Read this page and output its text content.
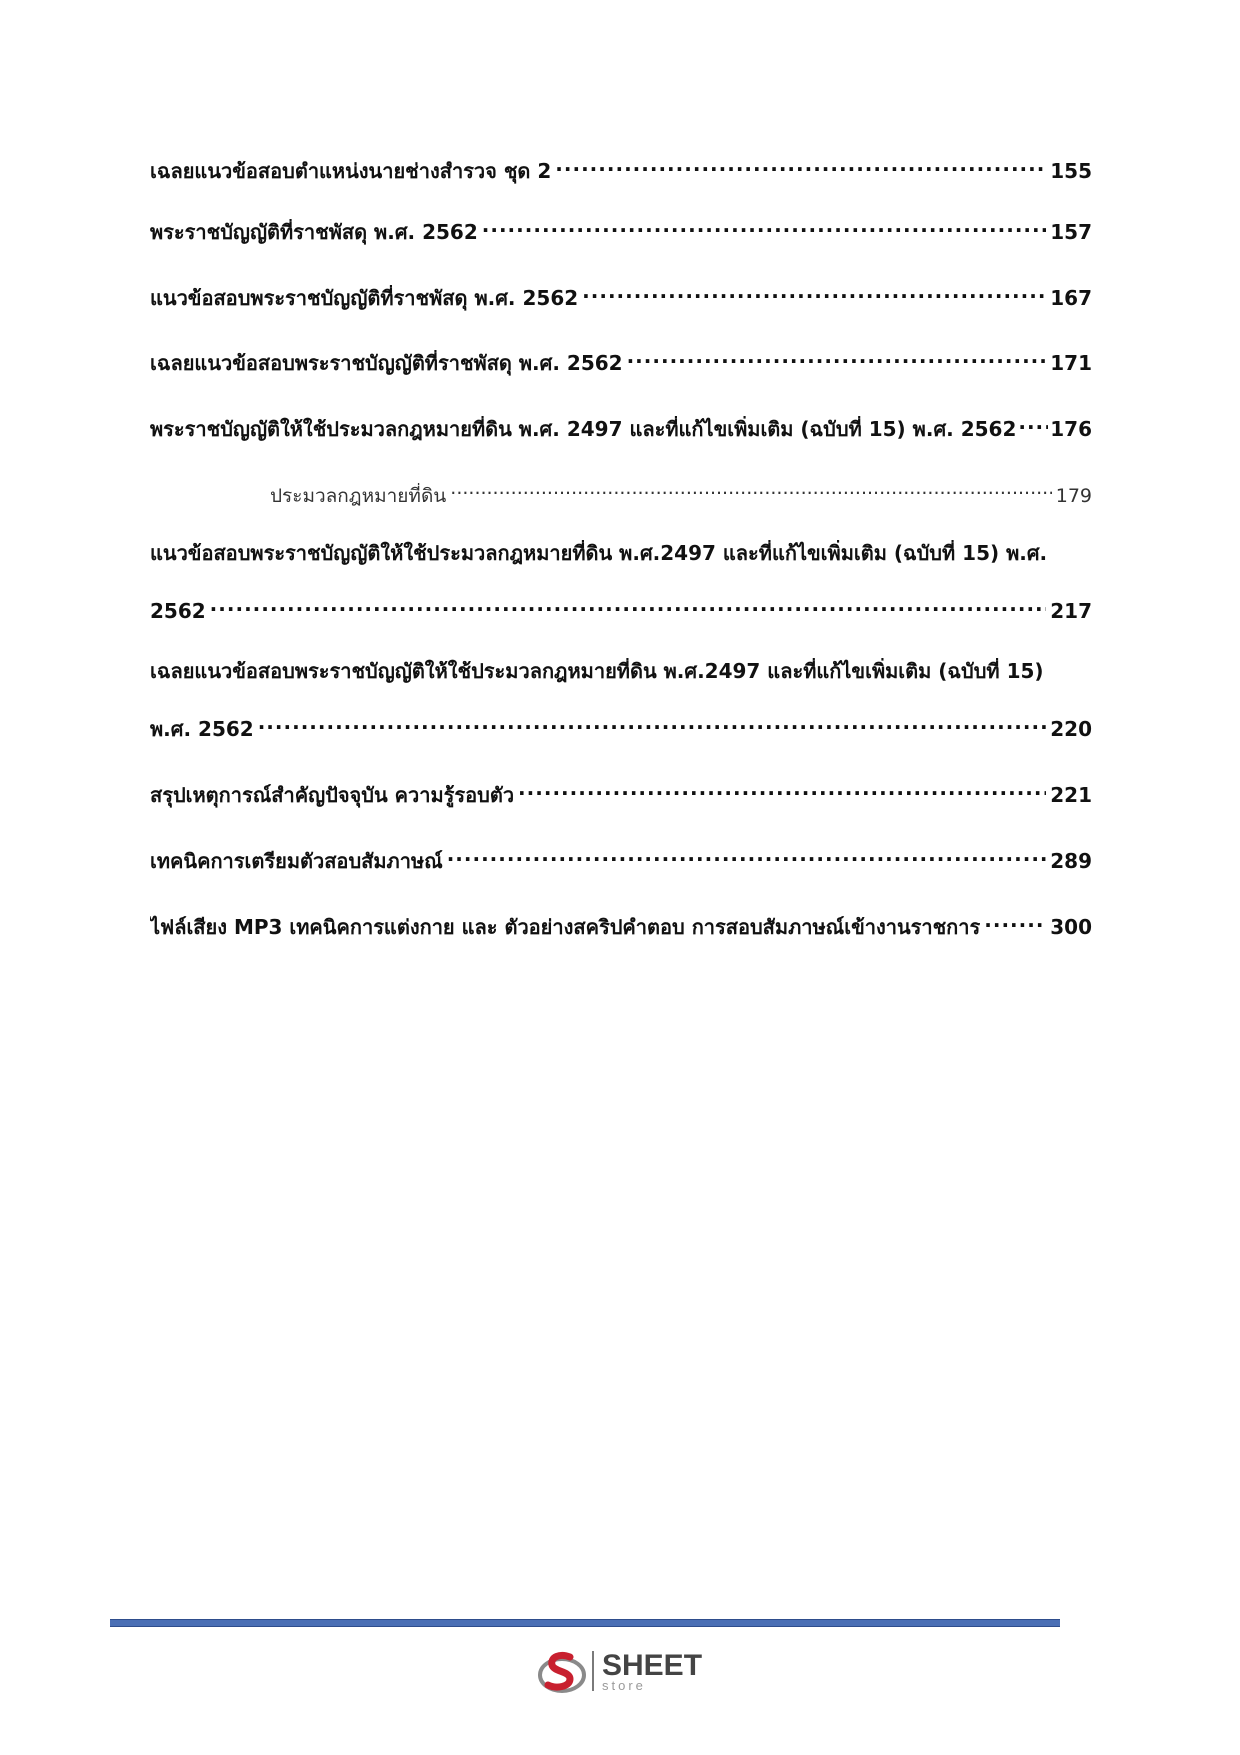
เฉลยแนวข้อสอบตำแหน่งนายช่างสำรวจ ชุด 2 .....	155
พระราชบัญญัติที่ราชพัสดุ พ.ศ. 2562 .....	157
แนวข้อสอบพระราชบัญญัติที่ราชพัสดุ พ.ศ. 2562 .....	167
เฉลยแนวข้อสอบพระราชบัญญัติที่ราชพัสดุ พ.ศ. 2562 .....	171
พระราชบัญญัติให้ใช้ประมวลกฎหมายที่ดิน พ.ศ. 2497 และที่แก้ไขเพิ่มเติม (ฉบับที่ 15) พ.ศ. 2562 ..... 176
ประมวลกฎหมายที่ดิน .....	179
แนวข้อสอบพระราชบัญญัติให้ใช้ประมวลกฎหมายที่ดิน พ.ศ.2497 และที่แก้ไขเพิ่มเติม (ฉบับที่ 15) พ.ศ.
2562 .....	217
เฉลยแนวข้อสอบพระราชบัญญัติให้ใช้ประมวลกฎหมายที่ดิน พ.ศ.2497 และที่แก้ไขเพิ่มเติม (ฉบับที่ 15)
พ.ศ. 2562 .....	220
สรุปเหตุการณ์สำคัญปัจจุบัน ความรู้รอบตัว .....	221
เทคนิคการเตรียมตัวสอบสัมภาษณ์ .....	289
ไฟล์เสียง MP3 เทคนิคการแต่งกาย และ ตัวอย่างสคริปคำตอบ การสอบสัมภาษณ์เข้างานราชการ .....	300
SHEET
store
